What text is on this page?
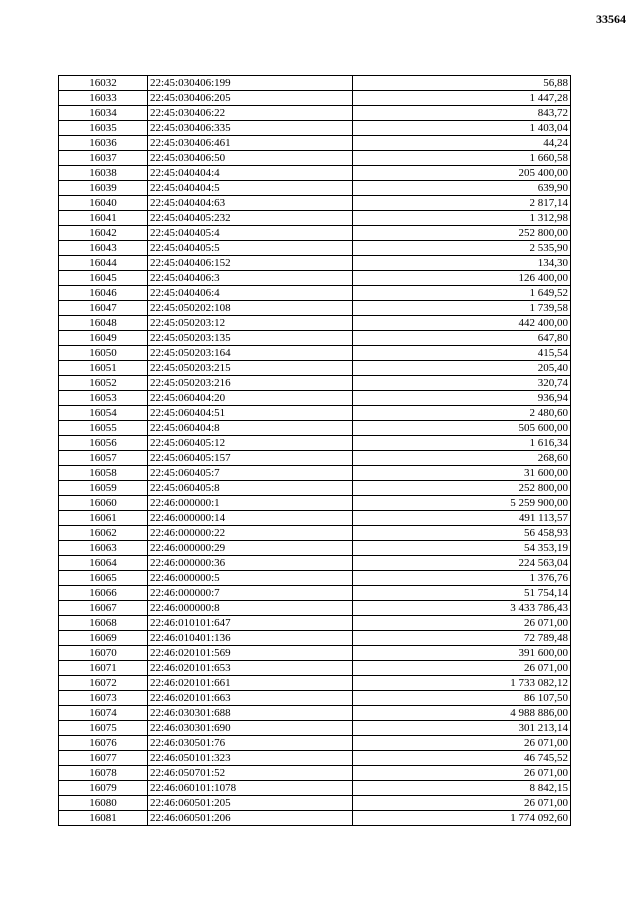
33564
16032	22:45:030406:199	56,88
16033	22:45:030406:205	1 447,28
16034	22:45:030406:22	843,72
16035	22:45:030406:335	1 403,04
16036	22:45:030406:461	44,24
16037	22:45:030406:50	1 660,58
16038	22:45:040404:4	205 400,00
16039	22:45:040404:5	639,90
16040	22:45:040404:63	2 817,14
16041	22:45:040405:232	1 312,98
16042	22:45:040405:4	252 800,00
16043	22:45:040405:5	2 535,90
16044	22:45:040406:152	134,30
16045	22:45:040406:3	126 400,00
16046	22:45:040406:4	1 649,52
16047	22:45:050202:108	1 739,58
16048	22:45:050203:12	442 400,00
16049	22:45:050203:135	647,80
16050	22:45:050203:164	415,54
16051	22:45:050203:215	205,40
16052	22:45:050203:216	320,74
16053	22:45:060404:20	936,94
16054	22:45:060404:51	2 480,60
16055	22:45:060404:8	505 600,00
16056	22:45:060405:12	1 616,34
16057	22:45:060405:157	268,60
16058	22:45:060405:7	31 600,00
16059	22:45:060405:8	252 800,00
16060	22:46:000000:1	5 259 900,00
16061	22:46:000000:14	491 113,57
16062	22:46:000000:22	56 458,93
16063	22:46:000000:29	54 353,19
16064	22:46:000000:36	224 563,04
16065	22:46:000000:5	1 376,76
16066	22:46:000000:7	51 754,14
16067	22:46:000000:8	3 433 786,43
16068	22:46:010101:647	26 071,00
16069	22:46:010401:136	72 789,48
16070	22:46:020101:569	391 600,00
16071	22:46:020101:653	26 071,00
16072	22:46:020101:661	1 733 082,12
16073	22:46:020101:663	86 107,50
16074	22:46:030301:688	4 988 886,00
16075	22:46:030301:690	301 213,14
16076	22:46:030501:76	26 071,00
16077	22:46:050101:323	46 745,52
16078	22:46:050701:52	26 071,00
16079	22:46:060101:1078	8 842,15
16080	22:46:060501:205	26 071,00
16081	22:46:060501:206	1 774 092,60
